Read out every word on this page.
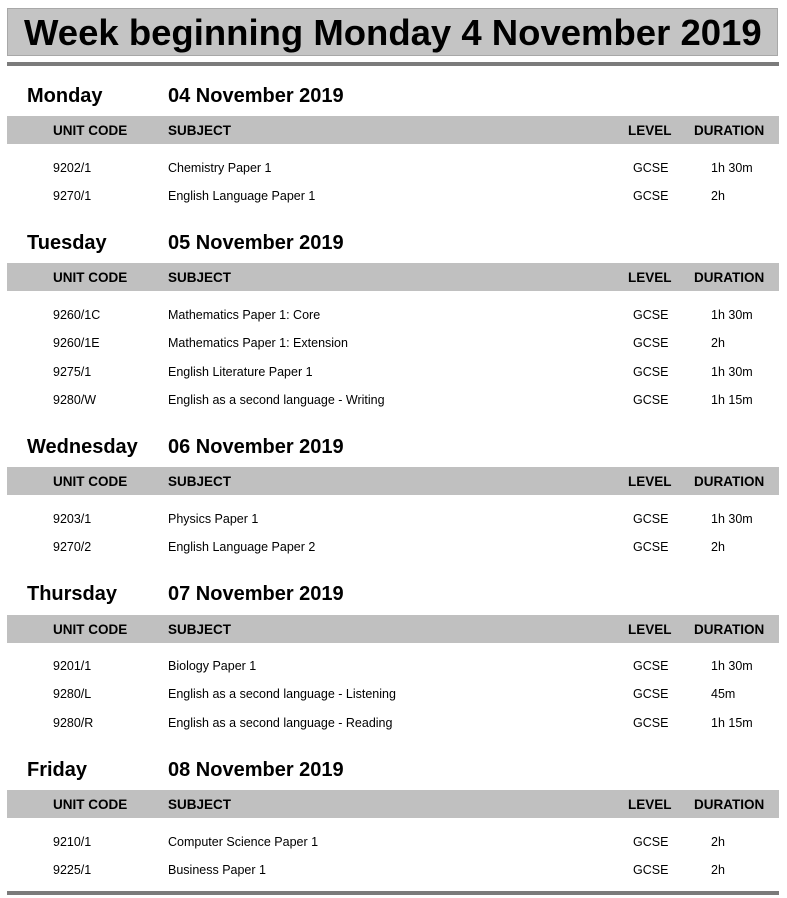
Week beginning Monday 4 November 2019
Monday	04 November 2019
UNIT CODE	SUBJECT	LEVEL DURATION
9202/1	Chemistry Paper 1	GCSE	1h 30m
9270/1	English Language Paper 1	GCSE	2h
Tuesday	05 November 2019
UNIT CODE	SUBJECT	LEVEL DURATION
9260/1C	Mathematics Paper 1: Core	GCSE	1h 30m
9260/1E	Mathematics Paper 1: Extension	GCSE	2h
9275/1	English Literature Paper 1	GCSE	1h 30m
9280/W	English as a second language - Writing	GCSE	1h 15m
Wednesday 06 November 2019
UNIT CODE	SUBJECT	LEVEL DURATION
9203/1	Physics Paper 1	GCSE	1h 30m
9270/2	English Language Paper 2	GCSE	2h
Thursday	07 November 2019
UNIT CODE	SUBJECT	LEVEL DURATION
9201/1	Biology Paper 1	GCSE	1h 30m
9280/L	English as a second language - Listening	GCSE	45m
9280/R	English as a second language - Reading	GCSE	1h 15m
Friday	08 November 2019
UNIT CODE	SUBJECT	LEVEL DURATION
9210/1	Computer Science Paper 1	GCSE	2h
9225/1	Business Paper 1	GCSE	2h
